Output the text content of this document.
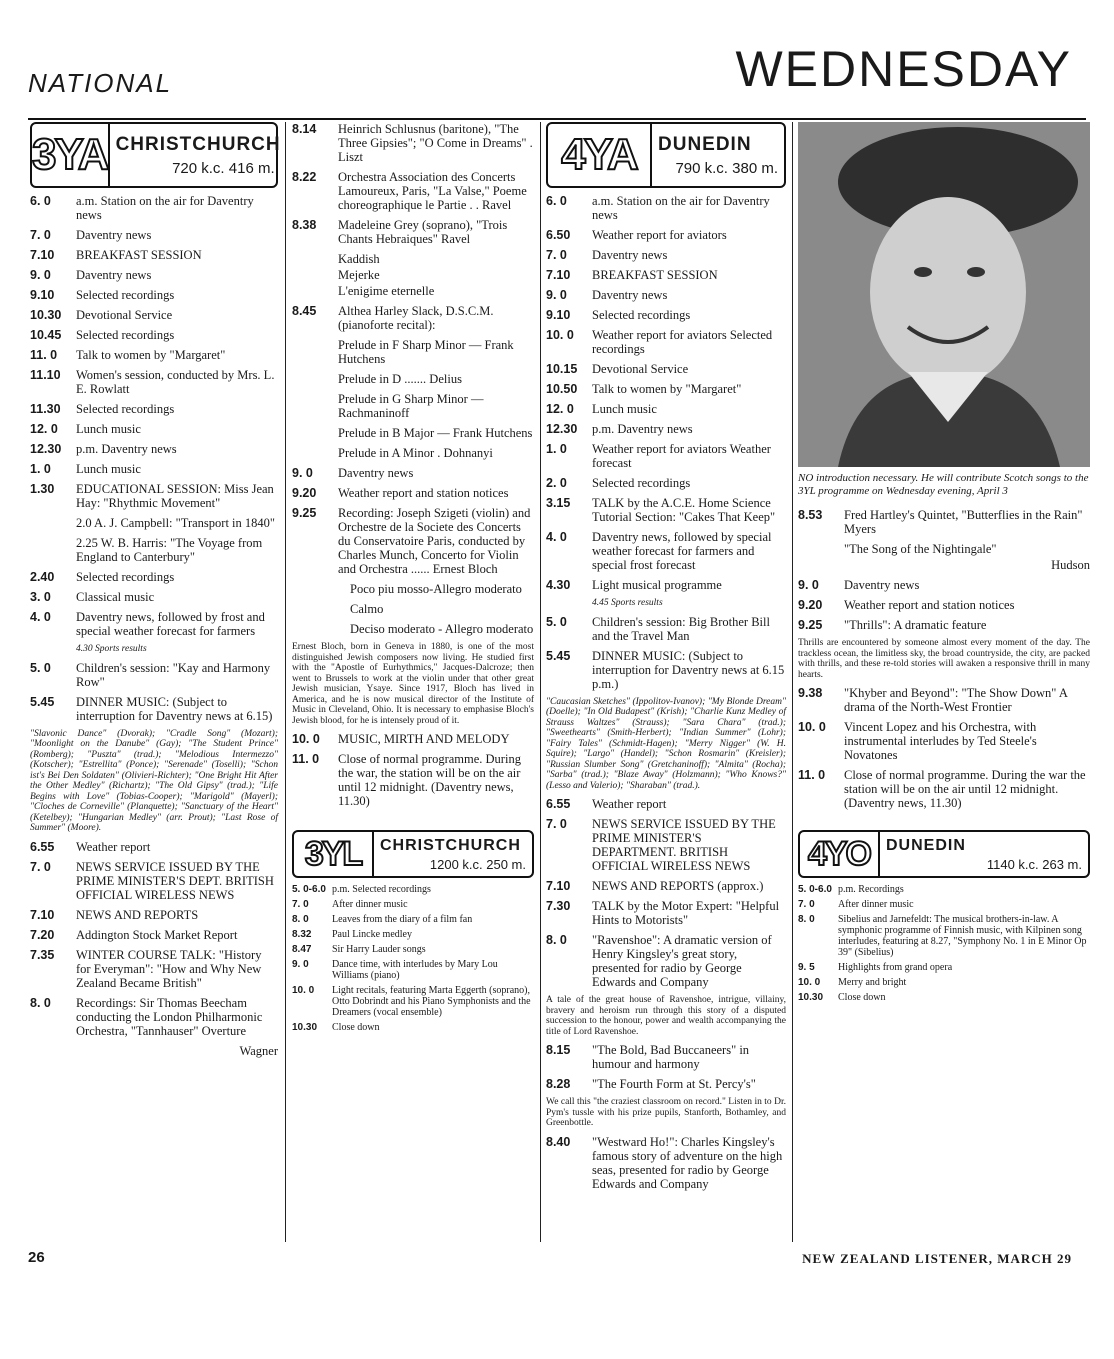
NATIONAL	WEDNESDAY
3YA CHRISTCHURCH
720 k.c. 416 m.
6. 0	a.m. Station on the air for Daventry news
7. 0	Daventry news
7.10	BREAKFAST SESSION
9. 0	Daventry news
9.10	Selected recordings
10.30	Devotional Service
10.45	Selected recordings
11. 0	Talk to women by "Margaret"
11.10	Women's session, conducted by Mrs. L. E. Rowlatt
11.30	Selected recordings
12. 0	Lunch music
12.30	p.m. Daventry news
1. 0	Lunch music
1.30	EDUCATIONAL SESSION: Miss Jean Hay: "Rhythmic Movement"
2.0 A. J. Campbell: "Transport in 1840"
2.25 W. B. Harris: "The Voyage from England to Canterbury"
2.40	Selected recordings
3. 0	Classical music
4. 0	Daventry news, followed by frost and special weather forecast for farmers
4.30 Sports results
5. 0	Children's session: "Kay and Harmony Row"
5.45	DINNER MUSIC: (Subject to interruption for Daventry news at 6.15)
"Slavonic Dance" (Dvorak); "Cradle Song" (Mozart); "Moonlight on the Danube" (Gay); "The Student Prince" (Romberg); "Puszta" (trad.); "Melodious Intermezzo" (Kotscher); "Estrellita" (Ponce); "Serenade" (Toselli); "Schon ist's Bei Den Soldaten" (Olivieri-Richter); "One Bright Hit After the Other Medley" (Richartz); "The Old Gipsy" (trad.); "Life Begins with Love" (Tobias-Cooper); "Marigold" (Mayerl); "Cloches de Corneville" (Planquette); "Sanctuary of the Heart" (Ketelbey); "Hungarian Medley" (arr. Prout); "Last Rose of Summer" (Moore).
6.55	Weather report
7. 0	NEWS SERVICE ISSUED BY THE PRIME MINISTER'S DEPT. BRITISH OFFICIAL WIRELESS NEWS
7.10	NEWS AND REPORTS
7.20	Addington Stock Market Report
7.35	WINTER COURSE TALK: "History for Everyman": "How and Why New Zealand Became British"
8. 0	Recordings: Sir Thomas Beecham conducting the London Philharmonic Orchestra, "Tannhauser" Overture
Wagner
8.14	Heinrich Schlusnus (baritone), "The Three Gipsies"; "O Come in Dreams" . Liszt
8.22	Orchestra Association des Concerts Lamoureux, Paris, "La Valse," Poeme choreographique le Partie . . Ravel
8.38	Madeleine Grey (soprano), "Trois Chants Hebraiques" Ravel
Kaddish
Mejerke
L'enigime eternelle
8.45	Althea Harley Slack, D.S.C.M. (pianoforte recital):
Prelude in F Sharp Minor — Frank Hutchens
Prelude in D ....... Delius
Prelude in G Sharp Minor — Rachmaninoff
Prelude in B Major — Frank Hutchens
Prelude in A Minor . Dohnanyi
9. 0	Daventry news
9.20	Weather report and station notices
9.25	Recording: Joseph Szigeti (violin) and Orchestre de la Societe des Concerts du Conservatoire Paris, conducted by Charles Munch, Concerto for Violin and Orchestra ...... Ernest Bloch
Poco piu mosso-Allegro moderato
Calmo
Deciso moderato - Allegro moderato
Ernest Bloch, born in Geneva in 1880, is one of the most distinguished Jewish composers now living. He studied first with the "Apostle of Eurhythmics," Jacques-Dalcroze; then went to Brussels to work at the violin under that other great Jewish musician, Ysaye. Since 1917, Bloch has lived in America, and he is now musical director of the Institute of Music in Cleveland, Ohio. It is necessary to emphasise Bloch's Jewish blood, for he is intensely proud of it.
10. 0	MUSIC, MIRTH AND MELODY
11. 0	Close of normal programme. During the war, the station will be on the air until 12 midnight. (Daventry news, 11.30)
3YL	CHRISTCHURCH
1200 k.c. 250 m.
5. 0-6.0 p.m. Selected recordings
7. 0	After dinner music
8. 0	Leaves from the diary of a film fan
8.32	Paul Lincke medley
8.47	Sir Harry Lauder songs
9. 0	Dance time, with interludes by Mary Lou Williams (piano)
10. 0	Light recitals, featuring Marta Eggerth (soprano), Otto Dobrindt and his Piano Symphonists and the Dreamers (vocal ensemble)
10.30	Close down
4YA	DUNEDIN
790 k.c. 380 m.
6. 0	a.m. Station on the air for Daventry news
6.50	Weather report for aviators
7. 0	Daventry news
7.10	BREAKFAST SESSION
9. 0	Daventry news
9.10	Selected recordings
10. 0	Weather report for aviators Selected recordings
10.15	Devotional Service
10.50	Talk to women by "Margaret"
12. 0	Lunch music
12.30	p.m. Daventry news
1. 0	Weather report for aviators Weather forecast
2. 0	Selected recordings
3.15	TALK by the A.C.E. Home Science Tutorial Section: "Cakes That Keep"
4. 0	Daventry news, followed by special weather forecast for farmers and special frost forecast
4.30	Light musical programme
4.45 Sports results
5. 0	Children's session: Big Brother Bill and the Travel Man
5.45	DINNER MUSIC: (Subject to interruption for Daventry news at 6.15 p.m.)
"Caucasian Sketches" (Ippolitov-Ivanov); "My Blonde Dream" (Doelle); "In Old Budapest" (Krish); "Charlie Kunz Medley of Strauss Waltzes" (Strauss); "Sara Chara" (trad.); "Sweethearts" (Smith-Herbert); "Indian Summer" (Lohr); "Fairy Tales" (Schmidt-Hagen); "Merry Nigger" (W. H. Squire); "Largo" (Handel); "Schon Rosmarin" (Kreisler); "Russian Slumber Song" (Gretchaninoff); "Almita" (Rocha); "Sarba" (trad.); "Blaze Away" (Holzmann); "Who Knows?" (Lesso and Valerio); "Sharaban" (trad.).
6.55	Weather report
7. 0	NEWS SERVICE ISSUED BY THE PRIME MINISTER'S DEPARTMENT. BRITISH OFFICIAL WIRELESS NEWS
7.10	NEWS AND REPORTS (approx.)
7.30	TALK by the Motor Expert: "Helpful Hints to Motorists"
8. 0	"Ravenshoe": A dramatic version of Henry Kingsley's great story, presented for radio by George Edwards and Company
A tale of the great house of Ravenshoe, intrigue, villainy, bravery and heroism run through this story of a disputed succession to the honour, power and wealth accompanying the title of Lord Ravenshoe.
8.15	"The Bold, Bad Buccaneers" in humour and harmony
8.28	"The Fourth Form at St. Percy's"
We call this "the craziest classroom on record." Listen in to Dr. Pym's tussle with his prize pupils, Stanforth, Bothamley, and Greenbottle.
8.40	"Westward Ho!": Charles Kingsley's famous story of adventure on the high seas, presented for radio by George Edwards and Company
NO introduction necessary. He will contribute Scotch songs to the 3YL programme on Wednesday evening, April 3
8.53	Fred Hartley's Quintet, "Butterflies in the Rain" Myers
"The Song of the Nightingale"
Hudson
9. 0	Daventry news
9.20	Weather report and station notices
9.25	"Thrills": A dramatic feature
Thrills are encountered by someone almost every moment of the day. The trackless ocean, the limitless sky, the broad countryside, the city, are packed with thrills, and these re-told stories will awaken a responsive thrill in many hearts.
9.38	"Khyber and Beyond": "The Show Down" A drama of the North-West Frontier
10. 0	Vincent Lopez and his Orchestra, with instrumental interludes by Ted Steele's Novatones
11. 0	Close of normal programme. During the war the station will be on the air until 12 midnight. (Daventry news, 11.30)
4YO DUNEDIN
1140 k.c. 263 m.
5. 0-6.0 p.m. Recordings
7. 0	After dinner music
8. 0	Sibelius and Jarnefeldt: The musical brothers-in-law. A symphonic programme of Finnish music, with Kilpinen song interludes, featuring at 8.27, "Symphony No. 1 in E Minor Op 39" (Sibelius)
9. 5	Highlights from grand opera
10. 0	Merry and bright
10.30	Close down
26	NEW ZEALAND LISTENER, MARCH 29
